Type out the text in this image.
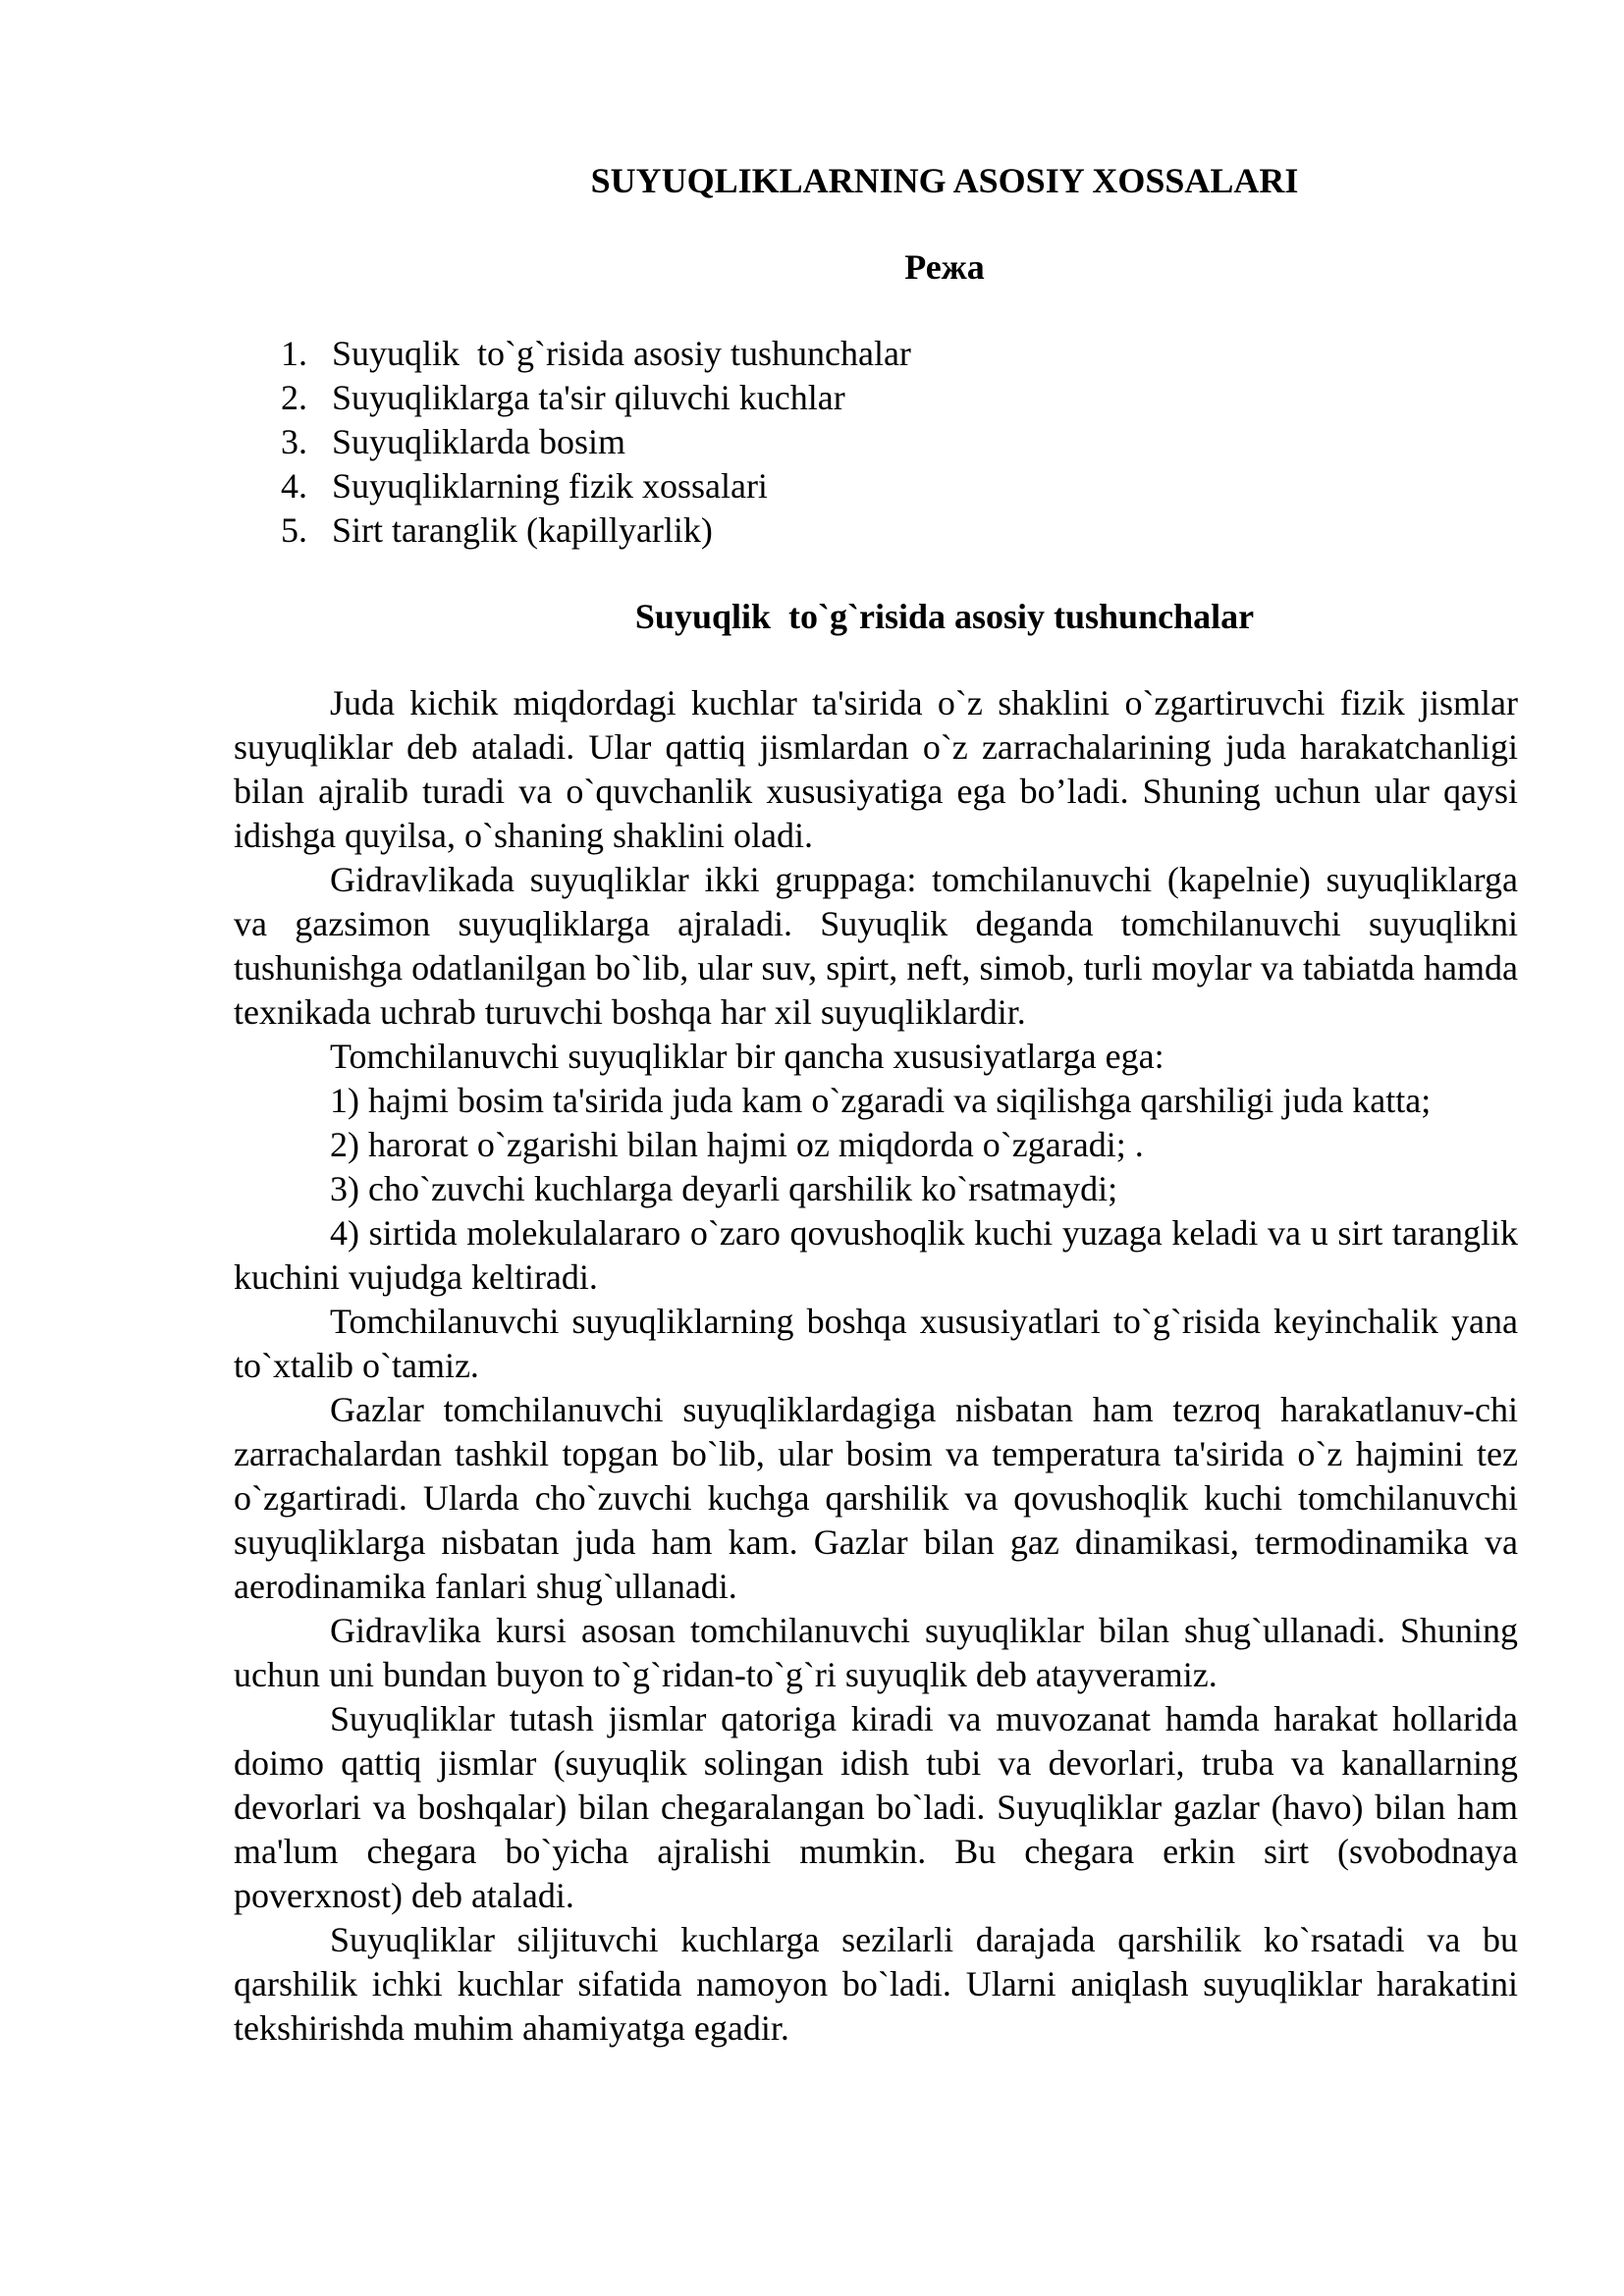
SUYUQLIKLARNING ASOSIY XOSSALARI
Режа
1. Suyuqlik  to`g`risida asosiy tushunchalar
2. Suyuqliklarga ta'sir qiluvchi kuchlar
3. Suyuqliklarda bosim
4. Suyuqliklarning fizik xossalari
5. Sirt taranglik (kapillyarlik)
Suyuqlik  to`g`risida asosiy tushunchalar

Juda kichik miqdordagi kuchlar ta'sirida o`z shaklini o`zgartiruvchi fizik jismlar suyuqliklar deb ataladi. Ular qattiq jismlardan o`z zarrachalarining juda harakatchanligi bilan ajralib turadi va o`quvchanlik xususiyatiga ega bo’ladi. Shuning uchun ular qaysi idishga quyilsa, o`shaning shaklini oladi.

Gidravlikada suyuqliklar ikki gruppaga: tomchilanuvchi (kapelnie) suyuqliklarga va gazsimon suyuqliklarga ajraladi. Suyuqlik deganda tomchilanuvchi suyuqlikni tushunishga odatlanilgan bo`lib, ular suv, spirt, neft, simob, turli moylar va tabiatda hamda texnikada uchrab turuvchi boshqa har xil suyuqliklardir.

Tomchilanuvchi suyuqliklar bir qancha xususiyatlarga ega:

1) hajmi bosim ta'sirida juda kam o`zgaradi va siqilishga qarshiligi juda katta;

2) harorat o`zgarishi bilan hajmi oz miqdorda o`zgaradi; .

3) cho`zuvchi kuchlarga deyarli qarshilik ko`rsatmaydi;

4) sirtida molekulalararo o`zaro qovushoqlik kuchi yuzaga keladi va u sirt taranglik kuchini vujudga keltiradi.

Tomchilanuvchi suyuqliklarning boshqa xususiyatlari to`g`risida keyinchalik yana to`xtalib o`tamiz.

Gazlar tomchilanuvchi suyuqliklardagiga nisbatan ham tezroq harakatlanuv-chi zarrachalardan tashkil topgan bo`lib, ular bosim va temperatura ta'sirida o`z hajmini tez o`zgartiradi. Ularda cho`zuvchi kuchga qarshilik va qovushoqlik kuchi tomchilanuvchi suyuqliklarga nisbatan juda ham kam. Gazlar bilan gaz dinamikasi, termodinamika va aerodinamika fanlari shug`ullanadi.

Gidravlika kursi asosan tomchilanuvchi suyuqliklar bilan shug`ullanadi. Shuning uchun uni bundan buyon to`g`ridan-to`g`ri suyuqlik deb atayveramiz.

Suyuqliklar tutash jismlar qatoriga kiradi va muvozanat hamda harakat hollarida doimo qattiq jismlar (suyuqlik solingan idish tubi va devorlari, truba va kanallarning devorlari va boshqalar) bilan chegaralangan bo`ladi. Suyuqliklar gazlar (havo) bilan ham ma'lum chegara bo`yicha ajralishi mumkin. Bu chegara erkin sirt (svobodnaya poverxnost) deb ataladi.

Suyuqliklar siljituvchi kuchlarga sezilarli darajada qarshilik ko`rsatadi va bu qarshilik ichki kuchlar sifatida namoyon bo`ladi. Ularni aniqlash suyuqliklar harakatini tekshirishda muhim ahamiyatga egadir.
